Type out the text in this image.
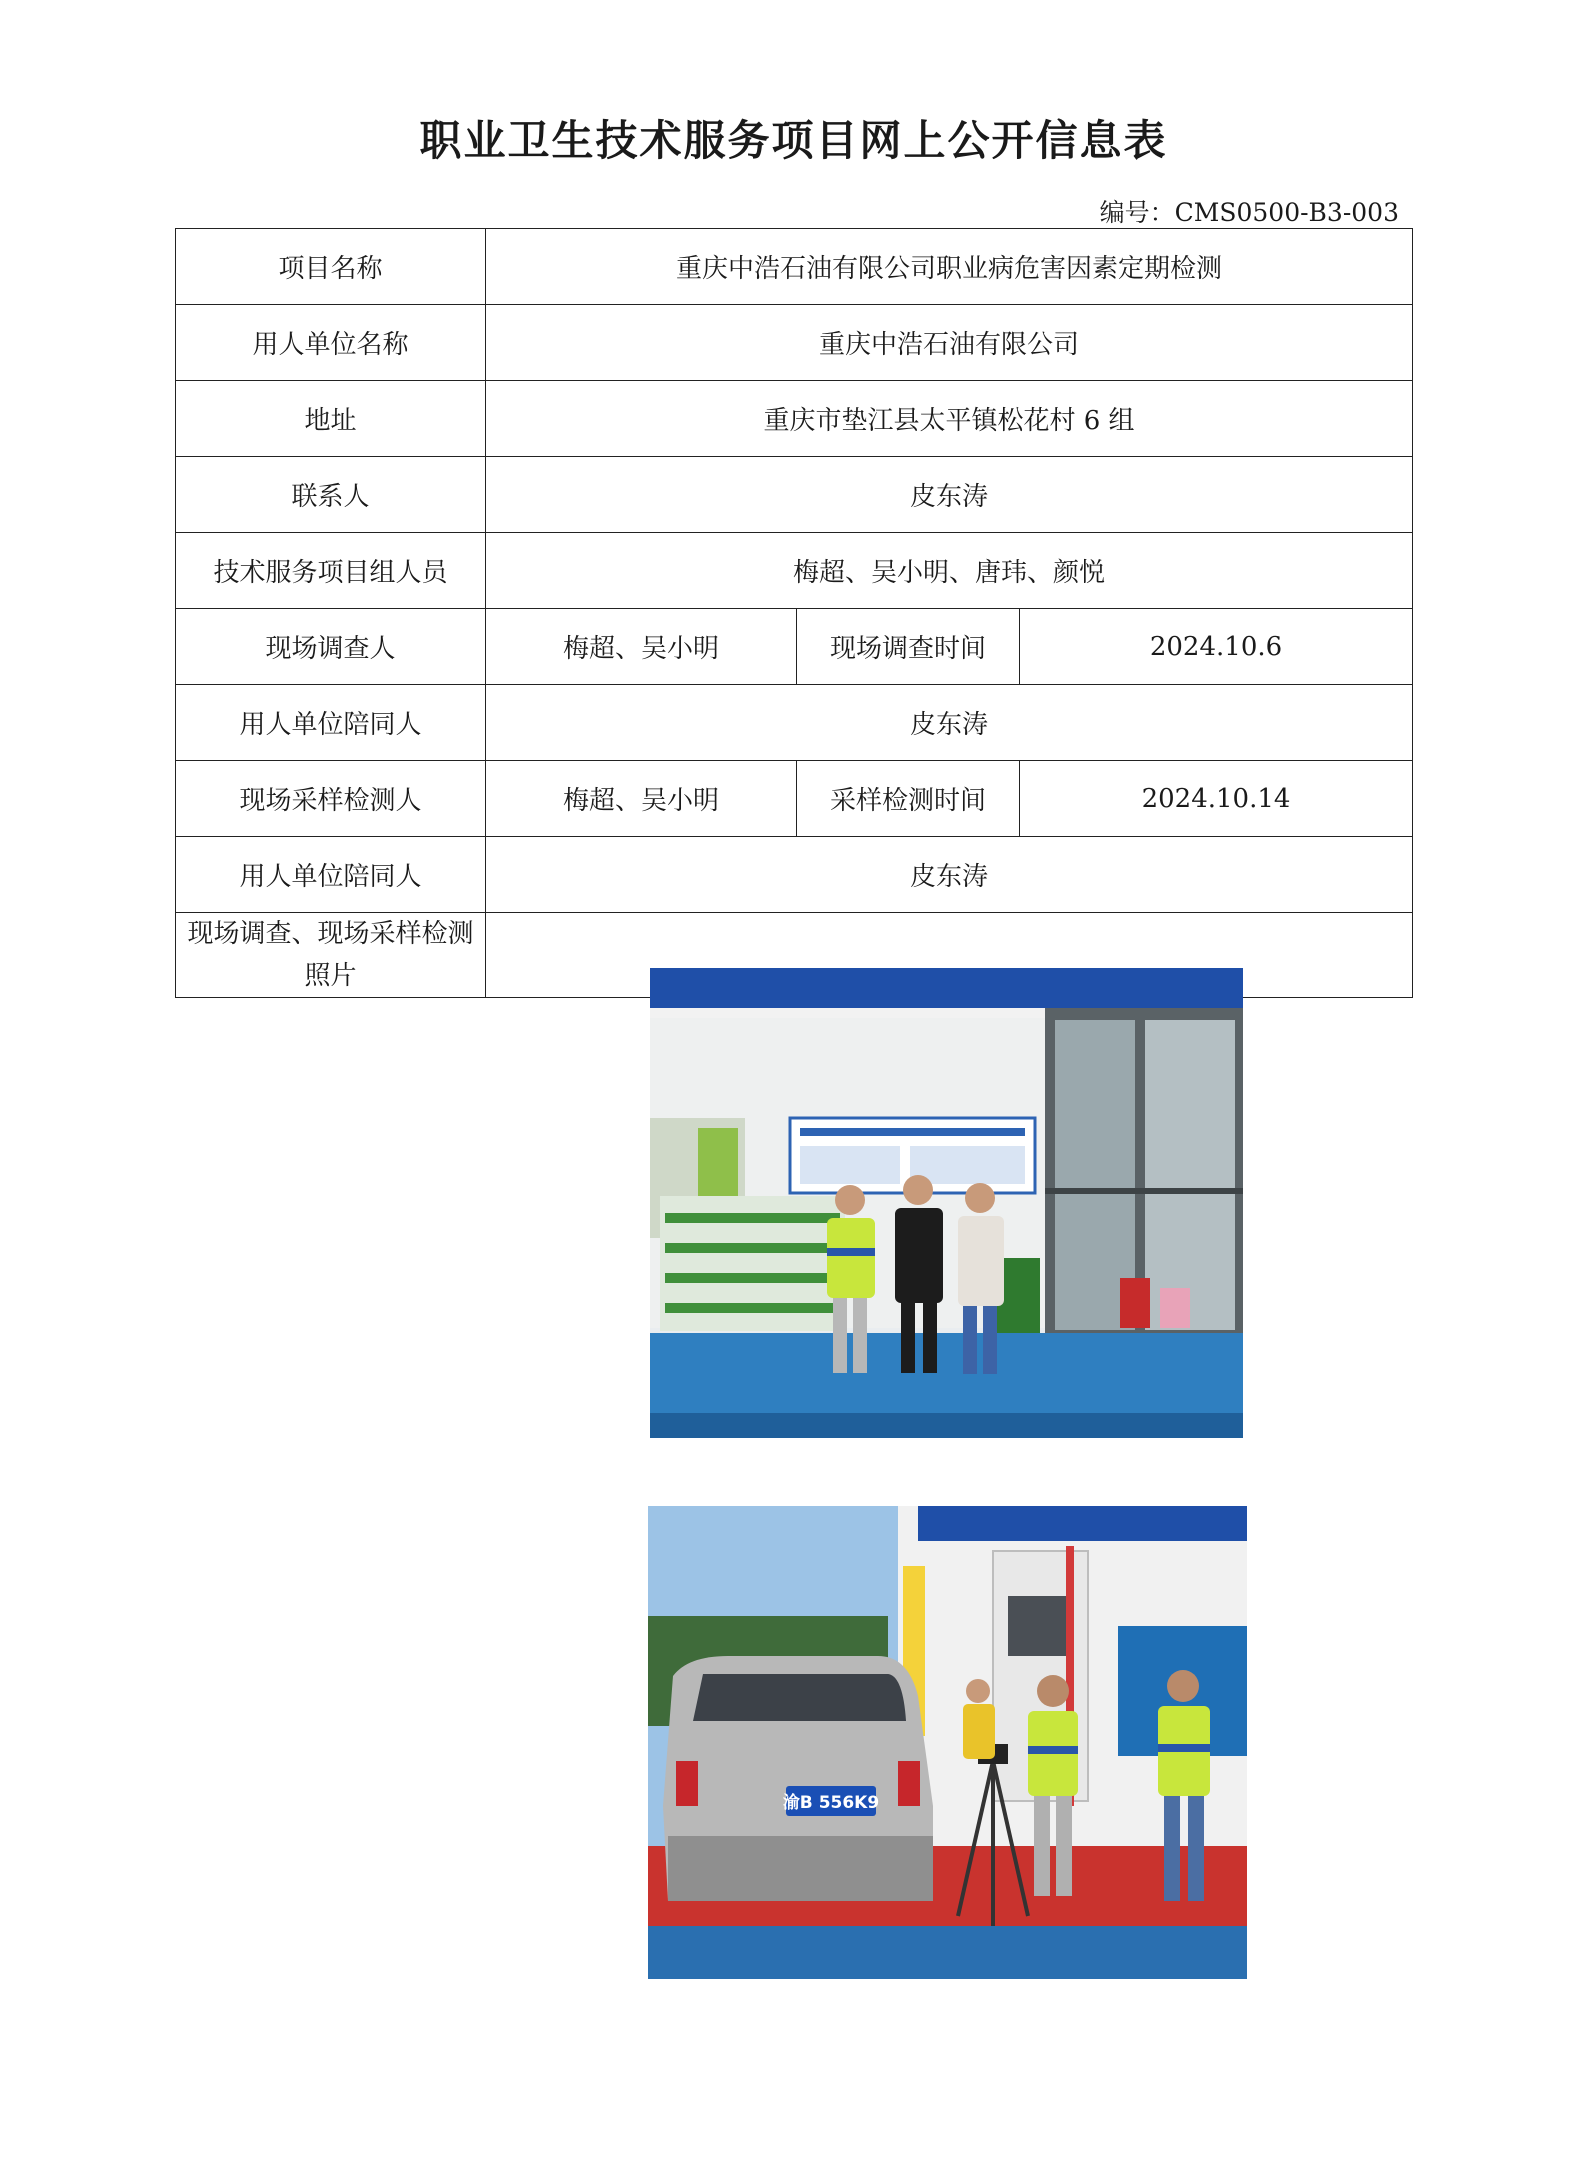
职业卫生技术服务项目网上公开信息表
编号：CMS0500-B3-003
项目名称	重庆中浩石油有限公司职业病危害因素定期检测		
用人单位名称	重庆中浩石油有限公司		
地址	重庆市垫江县太平镇松花村 6 组		
联系人	皮东涛		
技术服务项目组人员	梅超、吴小明、唐玮、颜悦		
现场调查人	梅超、吴小明	现场调查时间	2024.10.6
用人单位陪同人	皮东涛		
现场采样检测人	梅超、吴小明	采样检测时间	2024.10.14
用人单位陪同人	皮东涛		
现场调查、现场采样检测照片	渝B 556K9		
